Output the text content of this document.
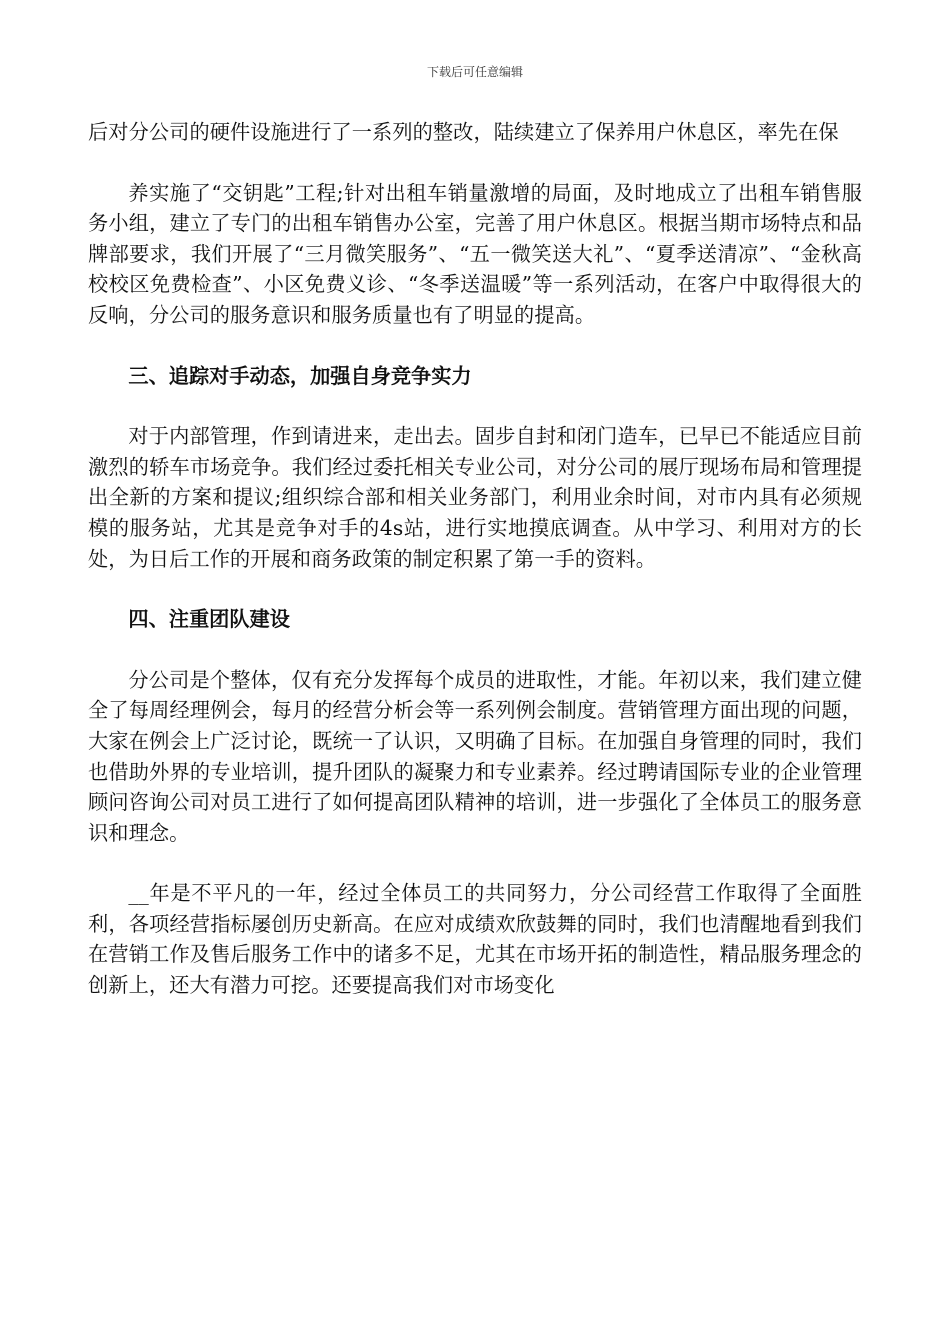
下载后可任意编辑

后对分公司的硬件设施进行了一系列的整改，陆续建立了保养用户休息区，率先在保

养实施了“交钥匙”工程;针对出租车销量激增的局面，及时地成立了出租车销售服务小组，建立了专门的出租车销售办公室，完善了用户休息区。根据当期市场特点和品牌部要求，我们开展了“三月微笑服务”、“五一微笑送大礼”、“夏季送清凉”、“金秋高校校区免费检查”、小区免费义诊、“冬季送温暖”等一系列活动，在客户中取得很大的反响，分公司的服务意识和服务质量也有了明显的提高。

三、追踪对手动态，加强自身竞争实力

对于内部管理，作到请进来，走出去。固步自封和闭门造车，已早已不能适应目前激烈的轿车市场竞争。我们经过委托相关专业公司，对分公司的展厅现场布局和管理提出全新的方案和提议;组织综合部和相关业务部门，利用业余时间，对市内具有必须规模的服务站，尤其是竞争对手的4s站，进行实地摸底调查。从中学习、利用对方的长处，为日后工作的开展和商务政策的制定积累了第一手的资料。

四、注重团队建设

分公司是个整体，仅有充分发挥每个成员的进取性，才能。年初以来，我们建立健全了每周经理例会，每月的经营分析会等一系列例会制度。营销管理方面出现的问题，大家在例会上广泛讨论，既统一了认识，又明确了目标。在加强自身管理的同时，我们也借助外界的专业培训，提升团队的凝聚力和专业素养。经过聘请国际专业的企业管理顾问咨询公司对员工进行了如何提高团队精神的培训，进一步强化了全体员工的服务意识和理念。

__年是不平凡的一年，经过全体员工的共同努力，分公司经营工作取得了全面胜利，各项经营指标屡创历史新高。在应对成绩欢欣鼓舞的同时，我们也清醒地看到我们在营销工作及售后服务工作中的诸多不足，尤其在市场开拓的制造性，精品服务理念的创新上，还大有潜力可挖。还要提高我们对市场变化
